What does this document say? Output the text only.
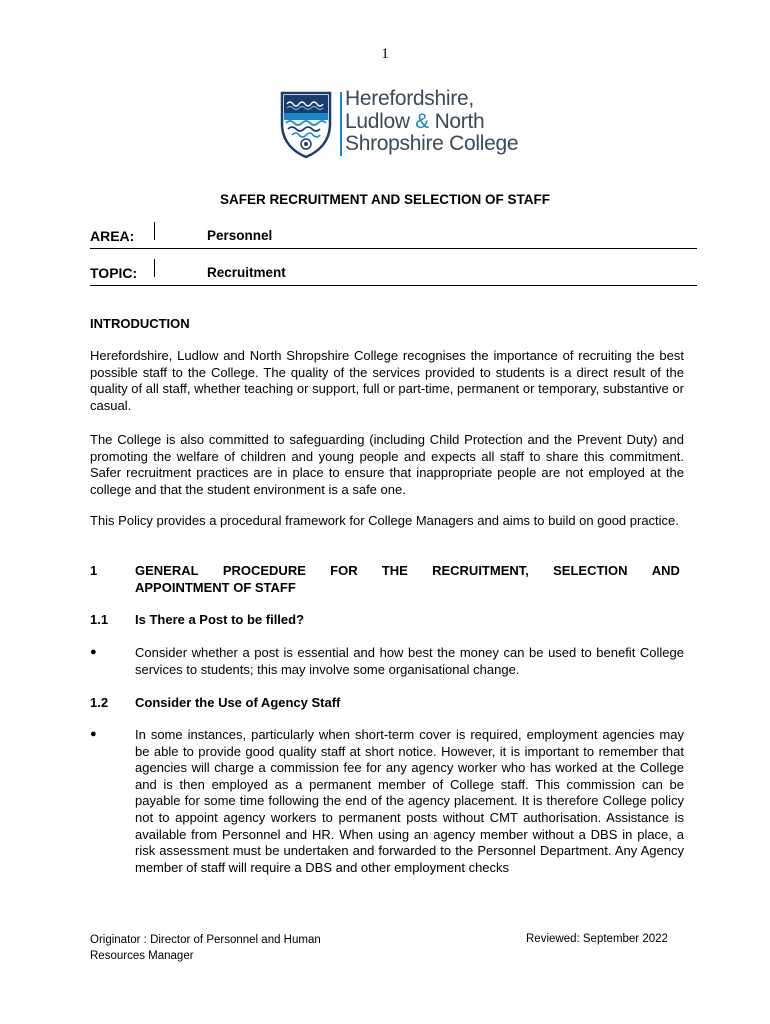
1
Herefordshire,
Ludlow & North
Shropshire College
SAFER RECRUITMENT AND SELECTION OF STAFF
AREA:	Personnel
TOPIC:	Recruitment
INTRODUCTION

Herefordshire, Ludlow and North Shropshire College recognises the importance of recruiting the best possible staff to the College. The quality of the services provided to students is a direct result of the quality of all staff, whether teaching or support, full or part-time, permanent or temporary, substantive or casual.

The College is also committed to safeguarding (including Child Protection and the Prevent Duty) and promoting the welfare of children and young people and expects all staff to share this commitment. Safer recruitment practices are in place to ensure that inappropriate people are not employed at the college and that the student environment is a safe one.

This Policy provides a procedural framework for College Managers and aims to build on good practice.

1	GENERAL PROCEDURE FOR THE RECRUITMENT, SELECTION AND
APPOINTMENT OF STAFF
1.1 Is There a Post to be filled?
●	Consider whether a post is essential and how best the money can be used to benefit College services to students; this may involve some organisational change.

1.2 Consider the Use of Agency Staff
●	In some instances, particularly when short-term cover is required, employment agencies may be able to provide good quality staff at short notice. However, it is important to remember that agencies will charge a commission fee for any agency worker who has worked at the College and is then employed as a permanent member of College staff. This commission can be payable for some time following the end of the agency placement. It is therefore College policy not to appoint agency workers to permanent posts without CMT authorisation. Assistance is available from Personnel and HR. When using an agency member without a DBS in place, a risk assessment must be undertaken and forwarded to the Personnel Department. Any Agency member of staff will require a DBS and other employment checks

Originator : Director of Personnel and Human Resources Manager
Reviewed: September 2022
